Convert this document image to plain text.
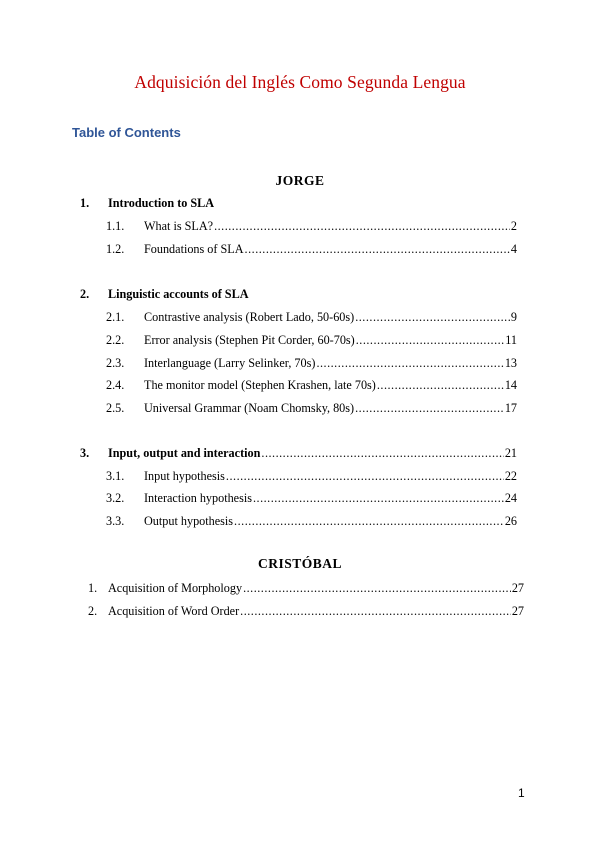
Adquisición del Inglés Como Segunda Lengua
Table of Contents
JORGE
1.	Introduction to SLA
1.1.	What is SLA? .....	2
1.2.	Foundations of SLA .....	4
2.	Linguistic accounts of SLA
2.1.	Contrastive analysis (Robert Lado, 50-60s) .....	9
2.2.	Error analysis (Stephen Pit Corder, 60-70s) .....	11
2.3.	Interlanguage (Larry Selinker, 70s) .....	13
2.4.	The monitor model (Stephen Krashen, late 70s) .....	14
2.5.	Universal Grammar (Noam Chomsky, 80s) .....	17
3.	Input, output and interaction .....	21
3.1.	Input hypothesis .....	22
3.2.	Interaction hypothesis .....	24
3.3.	Output hypothesis .....	26
CRISTÓBAL
1. Acquisition of Morphology .....	27
2. Acquisition of Word Order .....	27
1
